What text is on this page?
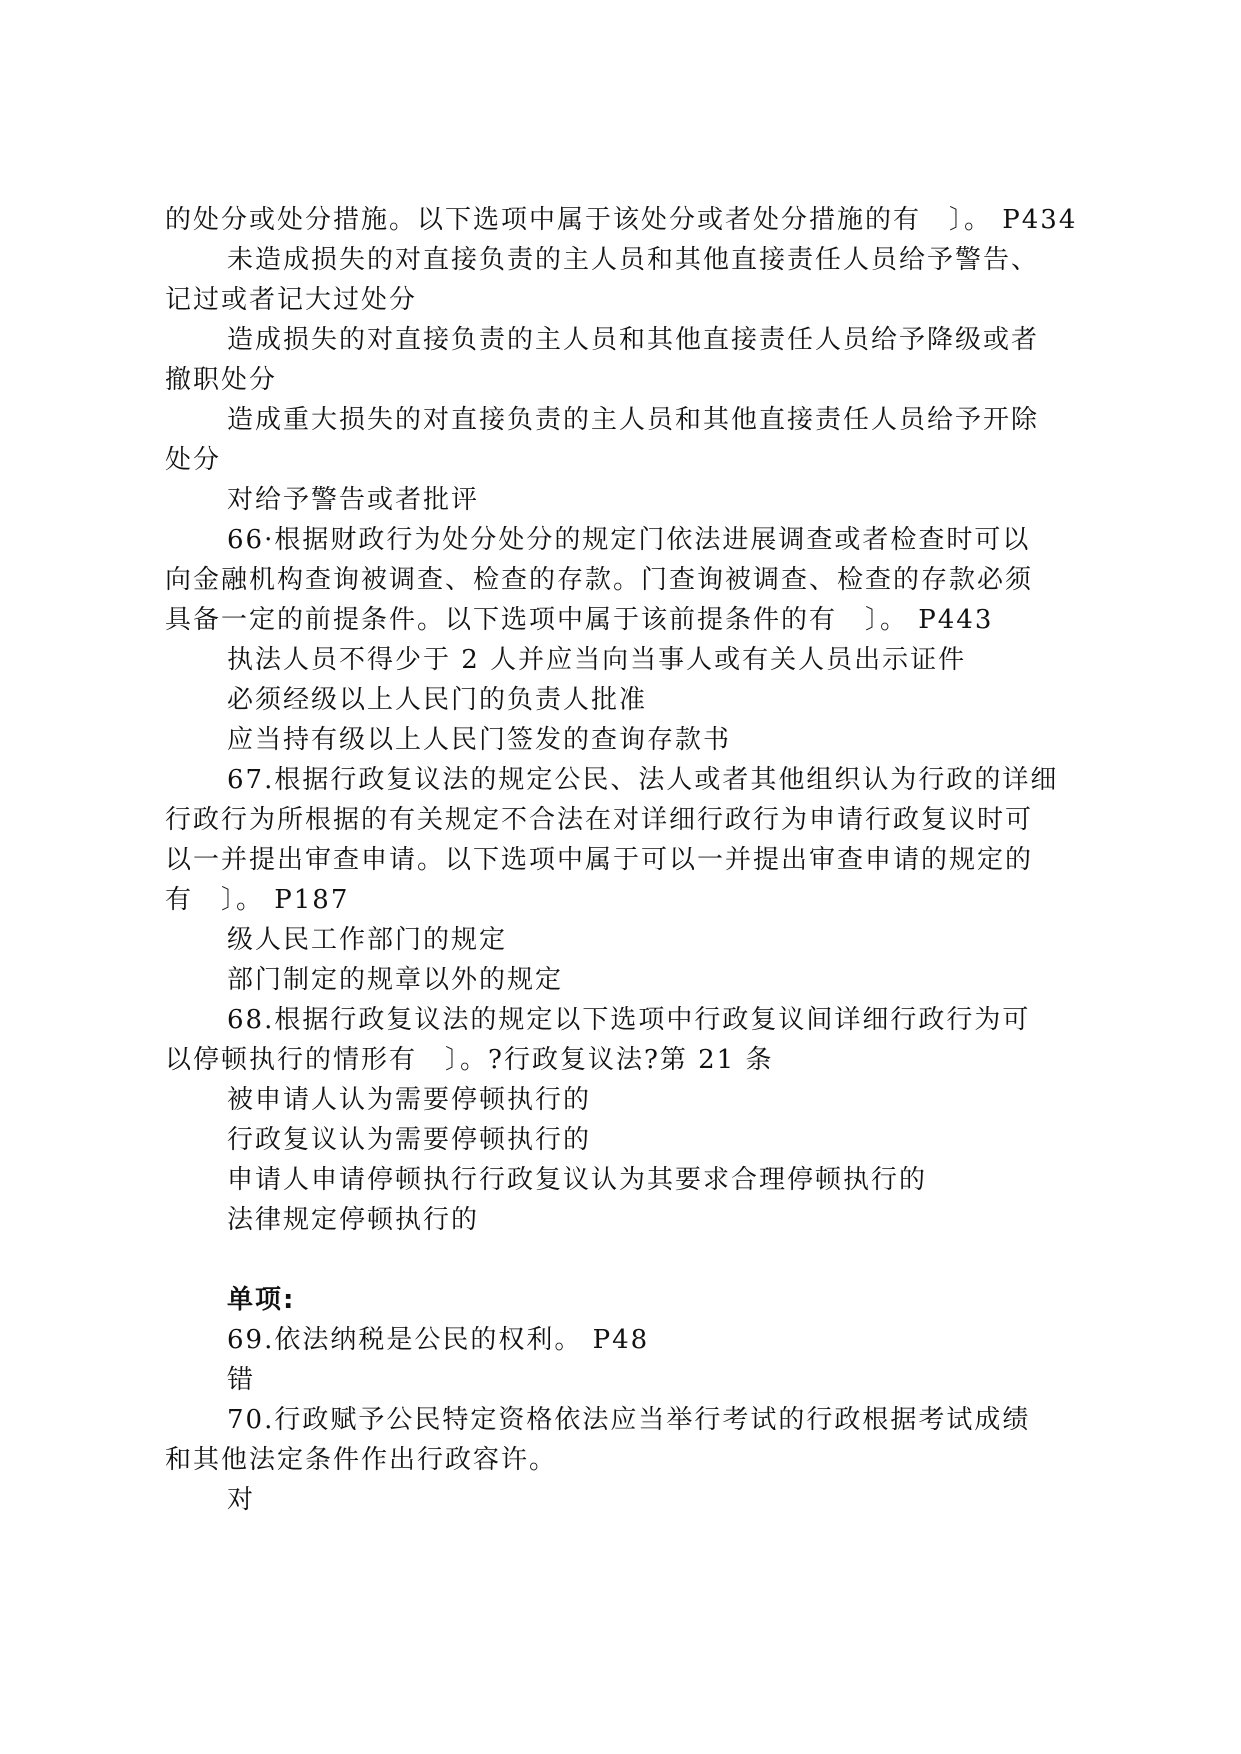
的处分或处分措施。以下选项中属于该处分或者处分措施的有　〕。 P434
未造成损失的对直接负责的主人员和其他直接责任人员给予警告、
记过或者记大过处分
造成损失的对直接负责的主人员和其他直接责任人员给予降级或者
撤职处分
造成重大损失的对直接负责的主人员和其他直接责任人员给予开除
处分
对给予警告或者批评
66·根据财政行为处分处分的规定门依法进展调查或者检查时可以
向金融机构查询被调查、检查的存款。门查询被调查、检查的存款必须
具备一定的前提条件。以下选项中属于该前提条件的有　〕。 P443
执法人员不得少于 2 人并应当向当事人或有关人员出示证件
必须经级以上人民门的负责人批准
应当持有级以上人民门签发的查询存款书
67.根据行政复议法的规定公民、法人或者其他组织认为行政的详细
行政行为所根据的有关规定不合法在对详细行政行为申请行政复议时可
以一并提出审查申请。以下选项中属于可以一并提出审查申请的规定的
有　〕。 P187
级人民工作部门的规定
部门制定的规章以外的规定
68.根据行政复议法的规定以下选项中行政复议间详细行政行为可
以停顿执行的情形有　〕。?行政复议法?第 21 条
被申请人认为需要停顿执行的
行政复议认为需要停顿执行的
申请人申请停顿执行行政复议认为其要求合理停顿执行的
法律规定停顿执行的
单项:
69.依法纳税是公民的权利。 P48
错
70.行政赋予公民特定资格依法应当举行考试的行政根据考试成绩
和其他法定条件作出行政容许。
对
